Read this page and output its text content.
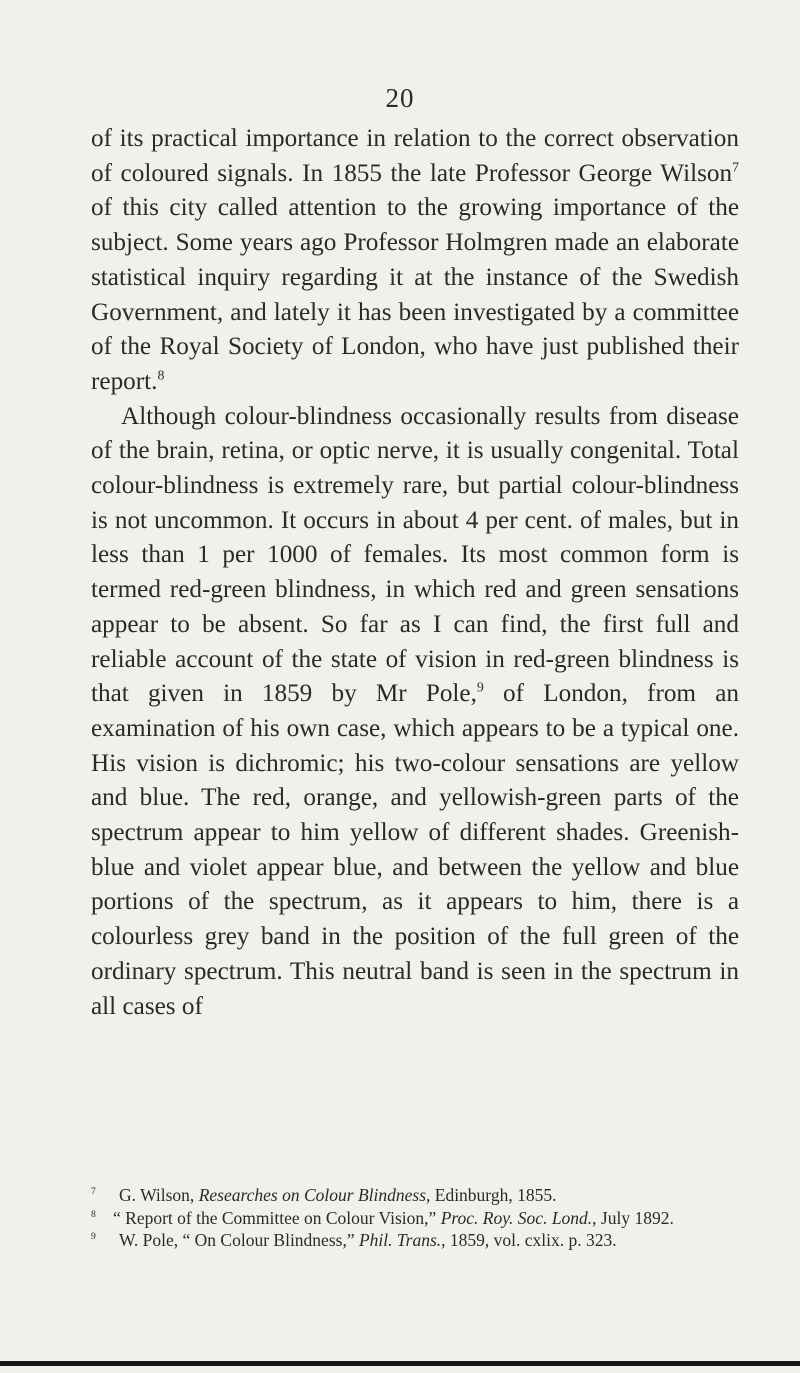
20

of its practical importance in relation to the correct observation of coloured signals. In 1855 the late Professor George Wilson$^7$ of this city called attention to the growing importance of the subject. Some years ago Professor Holmgren made an elaborate statistical inquiry regarding it at the instance of the Swedish Government, and lately it has been investigated by a committee of the Royal Society of London, who have just published their report.$^8$

Although colour-blindness occasionally results from disease of the brain, retina, or optic nerve, it is usually congenital. Total colour-blindness is extremely rare, but partial colour-blindness is not uncommon. It occurs in about 4 per cent. of males, but in less than 1 per 1000 of females. Its most common form is termed red-green blindness, in which red and green sensations appear to be absent. So far as I can find, the first full and reliable account of the state of vision in red-green blindness is that given in 1859 by Mr Pole,$^9$ of London, from an examination of his own case, which appears to be a typical one. His vision is dichromic; his two-colour sensations are yellow and blue. The red, orange, and yellowish-green parts of the spectrum appear to him yellow of different shades. Greenish-blue and violet appear blue, and between the yellow and blue portions of the spectrum, as it appears to him, there is a colourless grey band in the position of the full green of the ordinary spectrum. This neutral band is seen in the spectrum in all cases of

$^7$ G. Wilson, Researches on Colour Blindness, Edinburgh, 1855.

$^8$ “ Report of the Committee on Colour Vision,” Proc. Roy. Soc. Lond., July 1892.

$^9$ W. Pole, “ On Colour Blindness,” Phil. Trans., 1859, vol. cxlix. p. 323.
